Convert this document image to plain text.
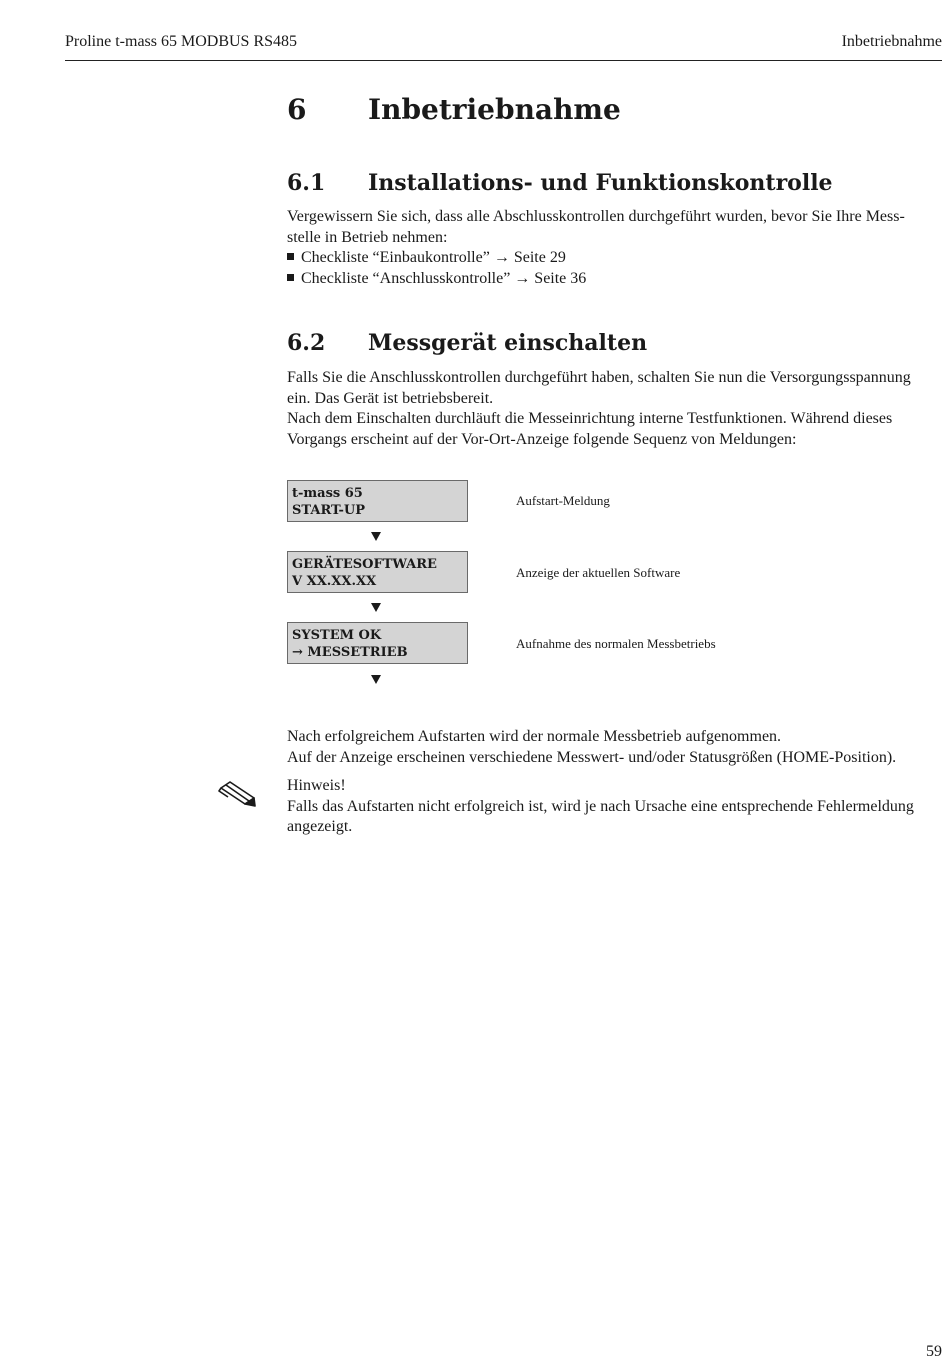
Proline t-mass 65 MODBUS RS485	Inbetriebnahme
6 Inbetriebnahme
6.1 Installations- und Funktionskontrolle
Vergewissern Sie sich, dass alle Abschlusskontrollen durchgeführt wurden, bevor Sie Ihre Mess-
stelle in Betrieb nehmen:
Checkliste “Einbaukontrolle” → Seite 29
Checkliste “Anschlusskontrolle” → Seite 36
6.2 Messgerät einschalten
Falls Sie die Anschlusskontrollen durchgeführt haben, schalten Sie nun die Versorgungsspannung
ein. Das Gerät ist betriebsbereit.
Nach dem Einschalten durchläuft die Messeinrichtung interne Testfunktionen. Während dieses
Vorgangs erscheint auf der Vor-Ort-Anzeige folgende Sequenz von Meldungen:
t-mass 65
START-UP
Aufstart-Meldung
GERÄTESOFTWARE
V XX.XX.XX
Anzeige der aktuellen Software
SYSTEM OK
→ MESSETRIEB
Aufnahme des normalen Messbetriebs
Nach erfolgreichem Aufstarten wird der normale Messbetrieb aufgenommen.
Auf der Anzeige erscheinen verschiedene Messwert- und/oder Statusgrößen (HOME-Position).
Hinweis!
Falls das Aufstarten nicht erfolgreich ist, wird je nach Ursache eine entsprechende Fehlermeldung
angezeigt.
59
